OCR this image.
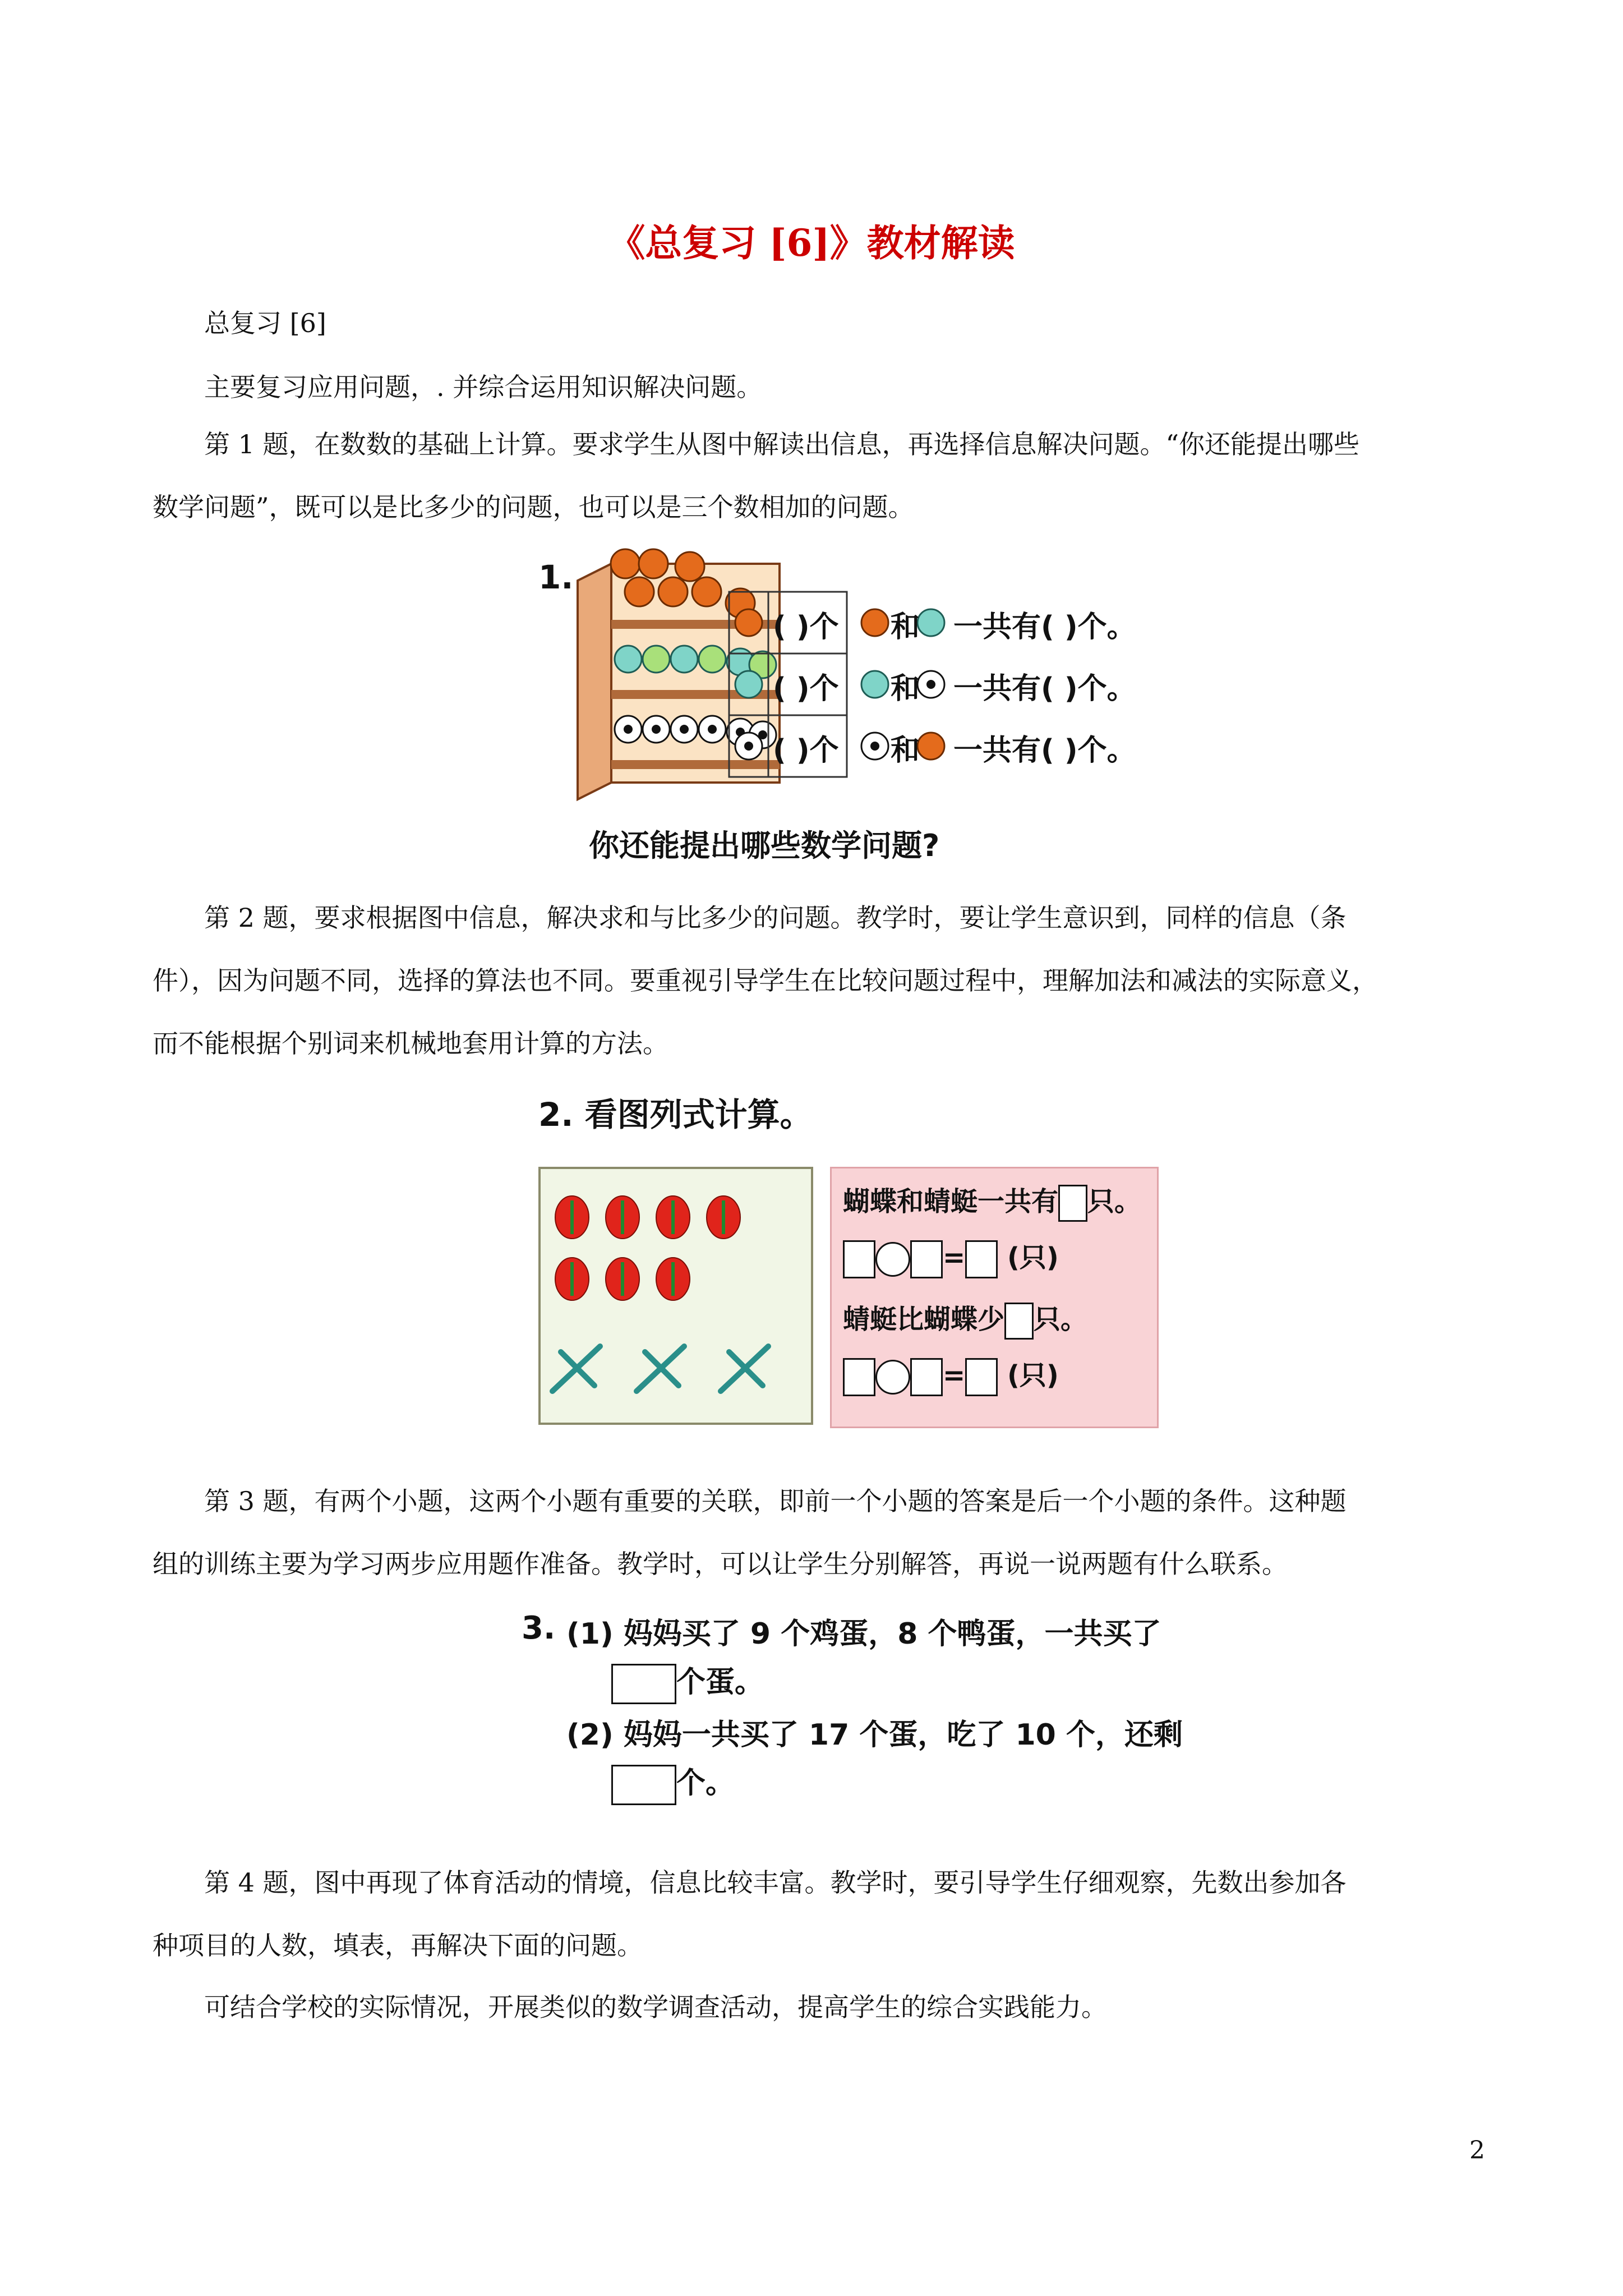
《总复习 [6]》教材解读
总复习 [6]
主要复习应用问题，. 并综合运用知识解决问题。
第 1 题，在数数的基础上计算。要求学生从图中解读出信息，再选择信息解决问题。“你还能提出哪些
数学问题”，既可以是比多少的问题，也可以是三个数相加的问题。
1.
( )个
( )个
( )个
和
和
和
一共有( )个。
一共有( )个。
一共有( )个。
你还能提出哪些数学问题?
第 2 题，要求根据图中信息，解决求和与比多少的问题。教学时，要让学生意识到，同样的信息（条
件），因为问题不同，选择的算法也不同。要重视引导学生在比较问题过程中，理解加法和减法的实际意义，
而不能根据个别词来机械地套用计算的方法。
2. 看图列式计算。
蝴蝶和蜻蜓一共有 只。
= (只)
蜻蜓比蝴蝶少 只。
= (只)
第 3 题，有两个小题，这两个小题有重要的关联，即前一个小题的答案是后一个小题的条件。这种题
组的训练主要为学习两步应用题作准备。教学时，可以让学生分别解答，再说一说两题有什么联系。
3. (1) 妈妈买了 9 个鸡蛋，8 个鸭蛋，一共买了
个蛋。
(2) 妈妈一共买了 17 个蛋，吃了 10 个，还剩
个。
第 4 题，图中再现了体育活动的情境，信息比较丰富。教学时，要引导学生仔细观察，先数出参加各
种项目的人数，填表，再解决下面的问题。
可结合学校的实际情况，开展类似的数学调查活动，提高学生的综合实践能力。
2
